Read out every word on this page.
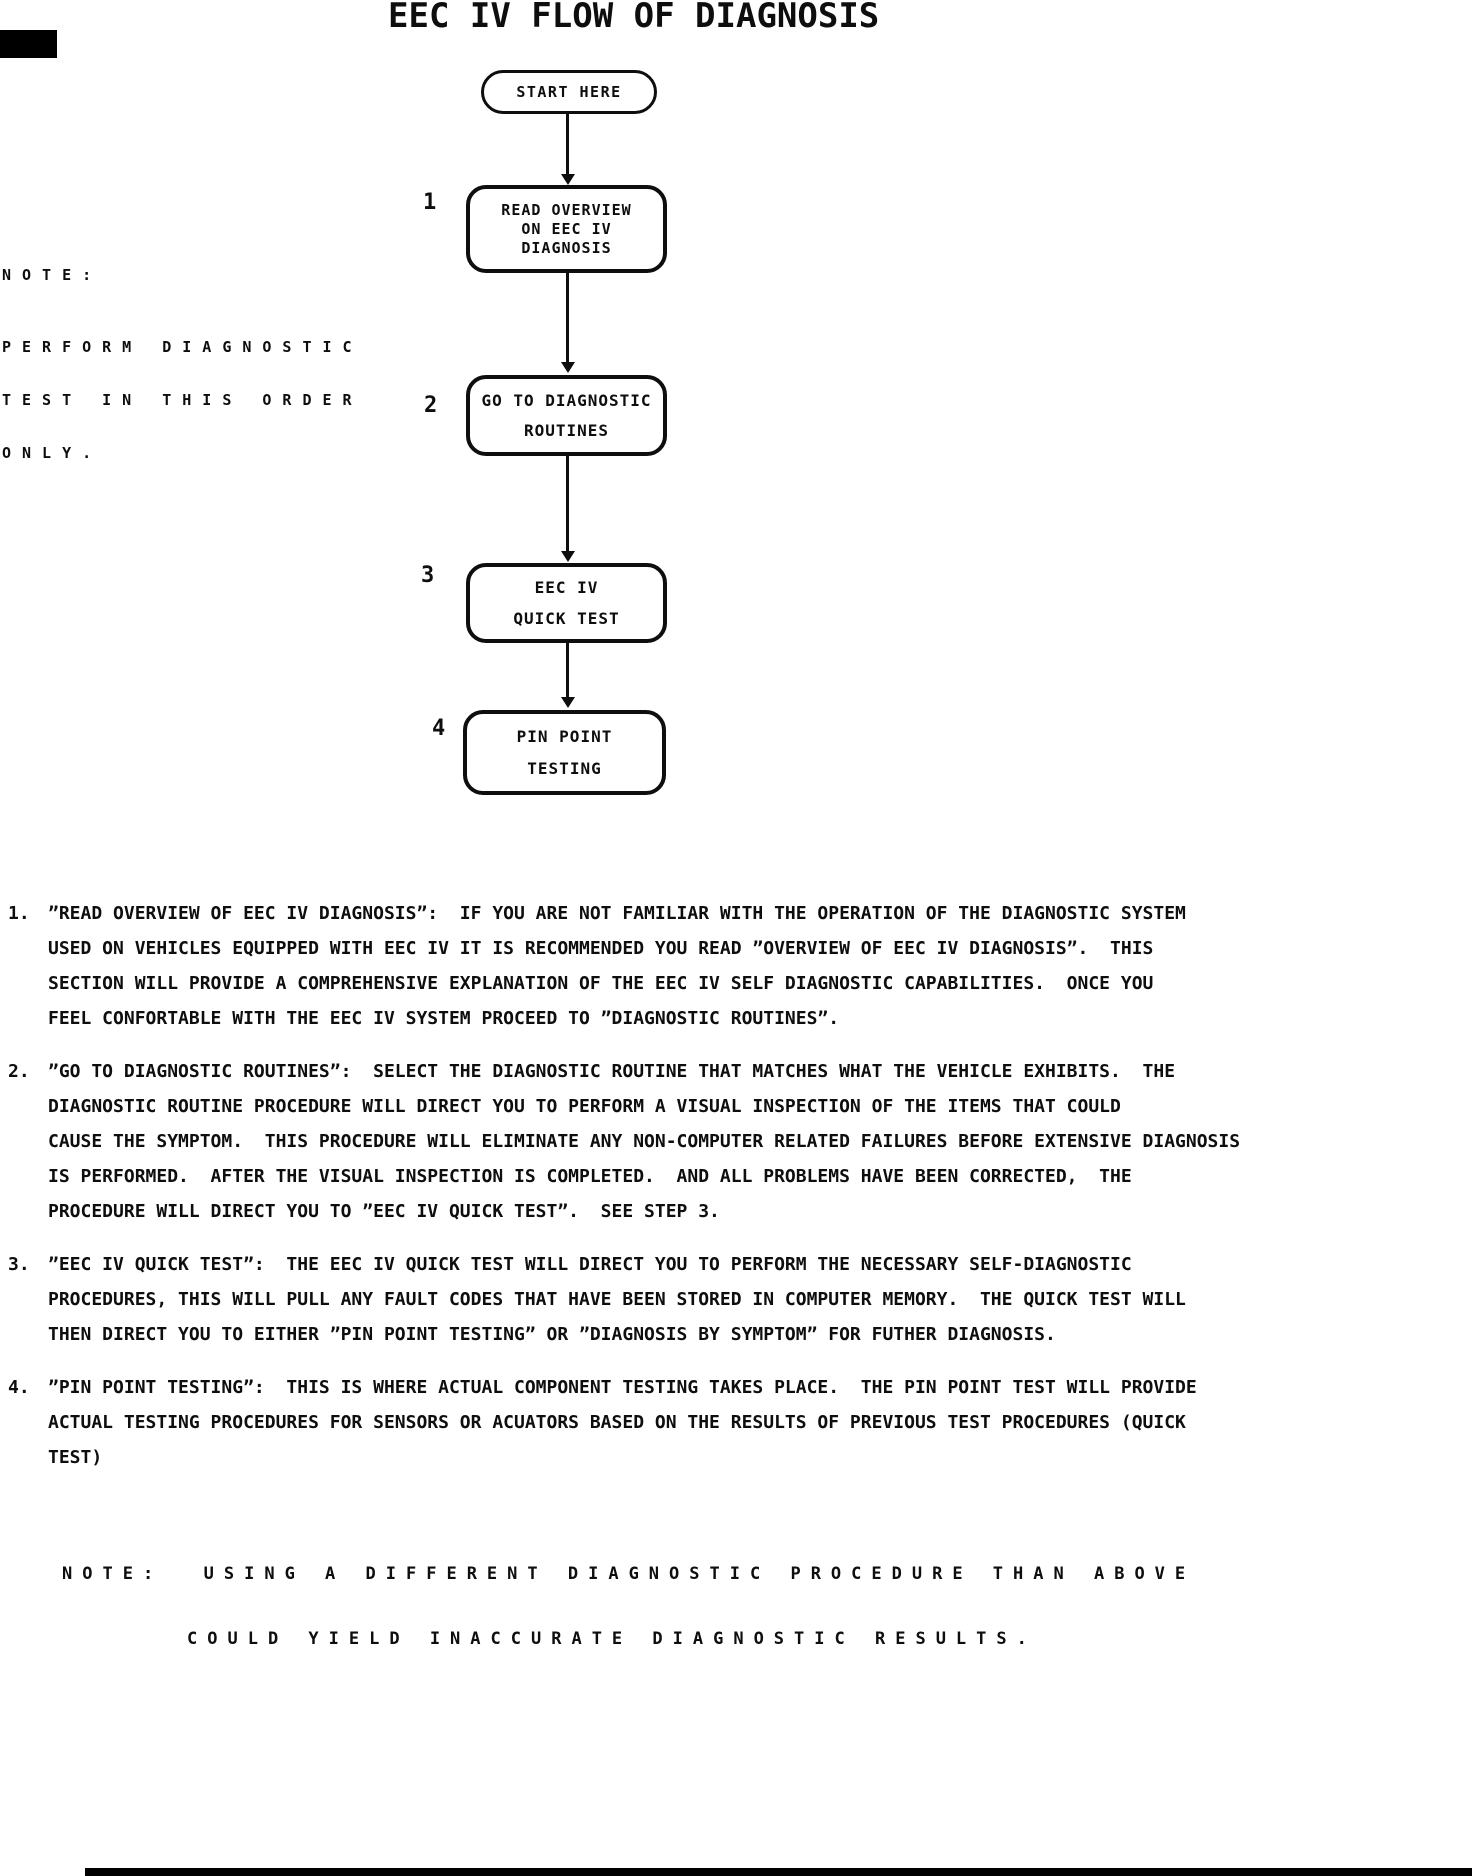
EEC IV FLOW OF DIAGNOSIS

NOTE:

PERFORM DIAGNOSTIC

TEST IN THIS ORDER

ONLY.

START HERE
1	READ OVERVIEW
ON EEC IV
DIAGNOSIS
2	GO TO DIAGNOSTIC
ROUTINES
3	EEC IV
QUICK TEST
4	PIN POINT
TESTING
1.	”READ OVERVIEW OF EEC IV DIAGNOSIS”:  IF YOU ARE NOT FAMILIAR WITH THE OPERATION OF THE DIAGNOSTIC SYSTEM
USED ON VEHICLES EQUIPPED WITH EEC IV IT IS RECOMMENDED YOU READ ”OVERVIEW OF EEC IV DIAGNOSIS”.  THIS
SECTION WILL PROVIDE A COMPREHENSIVE EXPLANATION OF THE EEC IV SELF DIAGNOSTIC CAPABILITIES.  ONCE YOU
FEEL CONFORTABLE WITH THE EEC IV SYSTEM PROCEED TO ”DIAGNOSTIC ROUTINES”.
2.	”GO TO DIAGNOSTIC ROUTINES”:  SELECT THE DIAGNOSTIC ROUTINE THAT MATCHES WHAT THE VEHICLE EXHIBITS.  THE
DIAGNOSTIC ROUTINE PROCEDURE WILL DIRECT YOU TO PERFORM A VISUAL INSPECTION OF THE ITEMS THAT COULD
CAUSE THE SYMPTOM.  THIS PROCEDURE WILL ELIMINATE ANY NON-COMPUTER RELATED FAILURES BEFORE EXTENSIVE DIAGNOSIS
IS PERFORMED.  AFTER THE VISUAL INSPECTION IS COMPLETED.  AND ALL PROBLEMS HAVE BEEN CORRECTED,  THE
PROCEDURE WILL DIRECT YOU TO ”EEC IV QUICK TEST”.  SEE STEP 3.
3.	”EEC IV QUICK TEST”:  THE EEC IV QUICK TEST WILL DIRECT YOU TO PERFORM THE NECESSARY SELF-DIAGNOSTIC
PROCEDURES, THIS WILL PULL ANY FAULT CODES THAT HAVE BEEN STORED IN COMPUTER MEMORY.  THE QUICK TEST WILL
THEN DIRECT YOU TO EITHER ”PIN POINT TESTING” OR ”DIAGNOSIS BY SYMPTOM” FOR FUTHER DIAGNOSIS.
4.	”PIN POINT TESTING”:  THIS IS WHERE ACTUAL COMPONENT TESTING TAKES PLACE.  THE PIN POINT TEST WILL PROVIDE
ACTUAL TESTING PROCEDURES FOR SENSORS OR ACUATORS BASED ON THE RESULTS OF PREVIOUS TEST PROCEDURES (QUICK
TEST)

NOTE:  USING A DIFFERENT DIAGNOSTIC PROCEDURE THAN ABOVE

COULD YIELD INACCURATE DIAGNOSTIC RESULTS.
